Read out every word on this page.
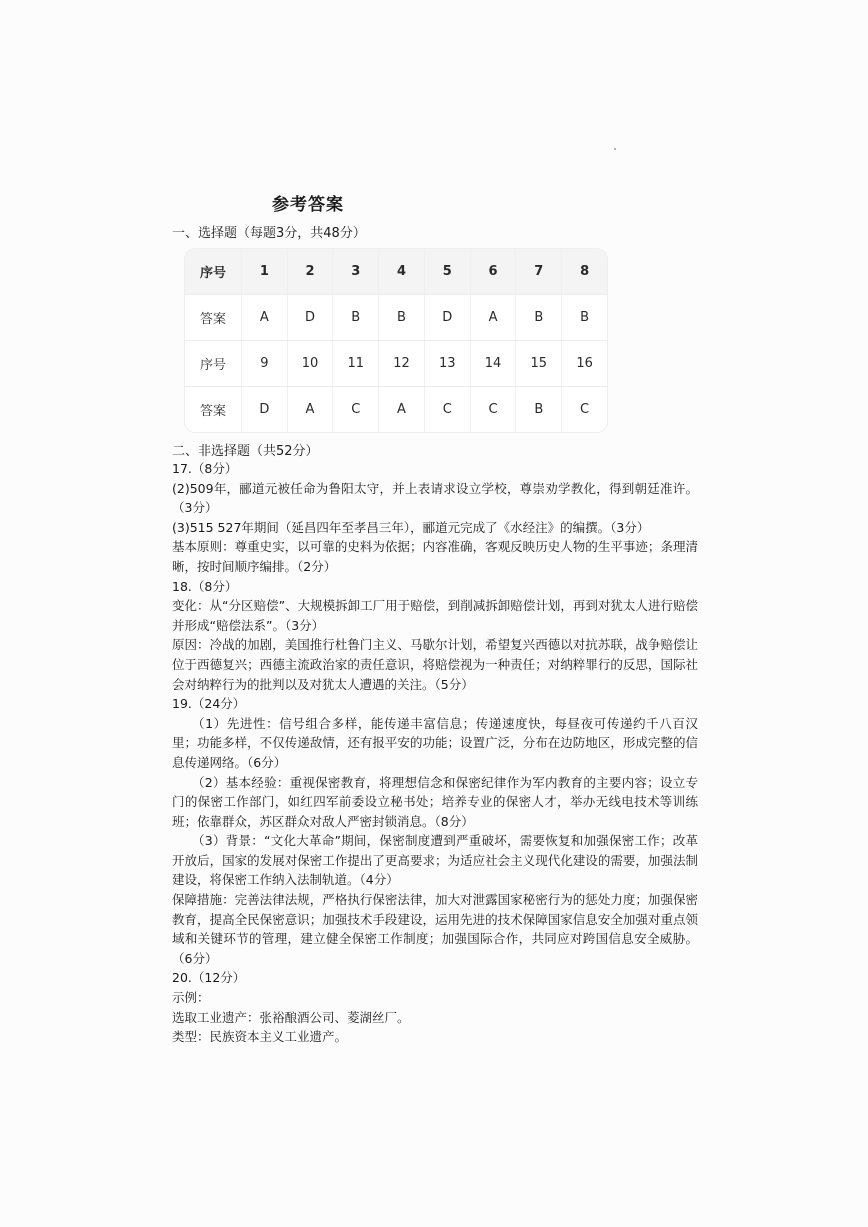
参考答案
一、选择题（每题3分，共48分）
序号	1	2	3	4	5	6	7	8
答案	A	D	B	B	D	A	B	B
序号	9	10	11	12	13	14	15	16
答案	D	A	C	A	C	C	B	C
二、非选择题（共52分）

17.（8分）

(2)509年，郦道元被任命为鲁阳太守，并上表请求设立学校，尊崇劝学教化，得到朝廷准许。（3分）

(3)515 527年期间（延昌四年至孝昌三年），郦道元完成了《水经注》的编撰。（3分）

基本原则：尊重史实，以可靠的史料为依据；内容准确，客观反映历史人物的生平事迹；条理清晰，按时间顺序编排。（2分）

18.（8分）

变化：从“分区赔偿”、大规模拆卸工厂用于赔偿，到削减拆卸赔偿计划，再到对犹太人进行赔偿并形成“赔偿法系”。（3分）

原因：冷战的加剧，美国推行杜鲁门主义、马歇尔计划，希望复兴西德以对抗苏联，战争赔偿让位于西德复兴；西德主流政治家的责任意识，将赔偿视为一种责任；对纳粹罪行的反思，国际社会对纳粹行为的批判以及对犹太人遭遇的关注。（5分）

19.（24分）

（1）先进性：信号组合多样，能传递丰富信息；传递速度快，每昼夜可传递约千八百汉里；功能多样，不仅传递敌情，还有报平安的功能；设置广泛，分布在边防地区，形成完整的信息传递网络。（6分）

（2）基本经验：重视保密教育，将理想信念和保密纪律作为军内教育的主要内容；设立专门的保密工作部门，如红四军前委设立秘书处；培养专业的保密人才，举办无线电技术等训练班；依靠群众，苏区群众对敌人严密封锁消息。（8分）

（3）背景：“文化大革命”期间，保密制度遭到严重破坏，需要恢复和加强保密工作；改革开放后，国家的发展对保密工作提出了更高要求；为适应社会主义现代化建设的需要，加强法制建设，将保密工作纳入法制轨道。（4分）

保障措施：完善法律法规，严格执行保密法律，加大对泄露国家秘密行为的惩处力度；加强保密教育，提高全民保密意识；加强技术手段建设，运用先进的技术保障国家信息安全加强对重点领域和关键环节的管理，建立健全保密工作制度；加强国际合作，共同应对跨国信息安全威胁。（6分）

20.（12分）

示例：

选取工业遗产：张裕酿酒公司、菱湖丝厂。

类型：民族资本主义工业遗产。
